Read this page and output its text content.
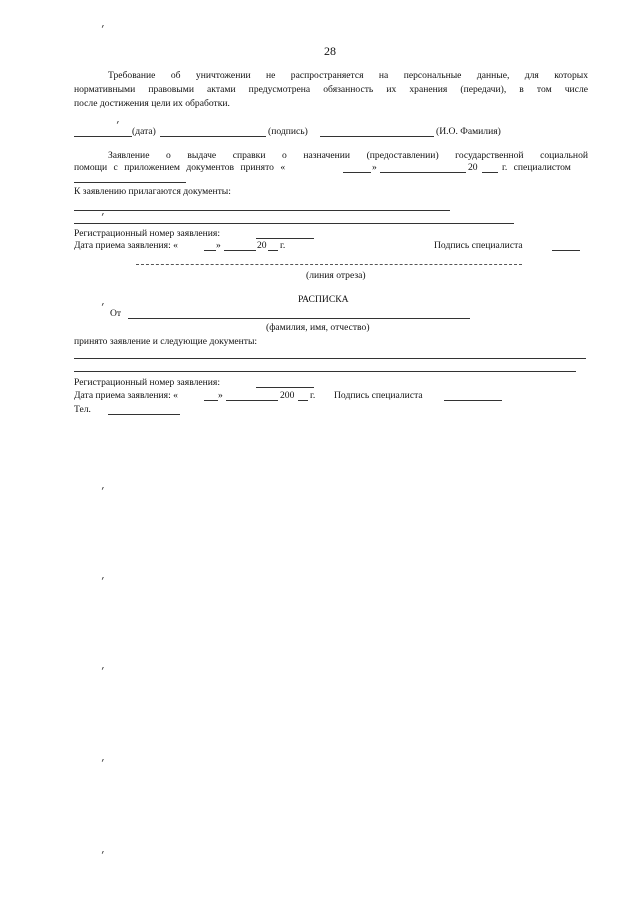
28
Требование об уничтожении не распространяется на персональные данные, для которых
нормативными правовыми актами предусмотрена обязанность их хранения (передачи), в том числе
после достижения цели их обработки.
(дата)	(подпись)	(И.О. Фамилия)
Заявление о выдаче справки о назначении (предоставлении) государственной социальной
помощи с приложением документов принято «	»	20	г. специалистом
К заявлению прилагаются документы:
Регистрационный номер заявления:
Дата приема заявления: «	»	20 г.	Подпись специалиста
(линия отреза)
РАСПИСКА
От
(фамилия, имя, отчество)
принято заявление и следующие документы:
Регистрационный номер заявления:
Дата приема заявления: «	»	200 г. Подпись специалиста
Тел.
'
'
'
'
'
'
'
'
'
